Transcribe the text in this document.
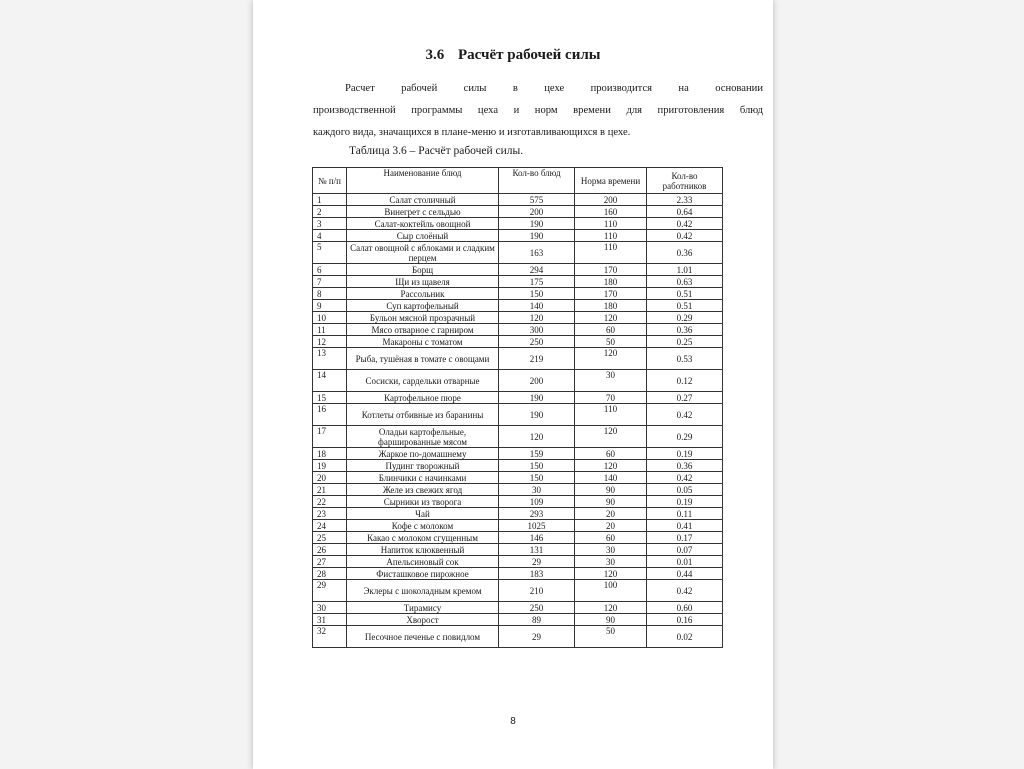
3.6 Расчёт рабочей силы
Расчет рабочей силы в цехе производится на основании
производственной программы цеха и норм времени для приготовления блюд
каждого вида, значащихся в плане-меню и изготавливающихся в цехе.
Таблица 3.6 – Расчёт рабочей силы.
№ п/п	Наименование блюд	Кол-во блюд	Норма времени	Кол-во работников
1	Салат столичный	575	200	2.33
2	Винегрет с сельдью	200	160	0.64
3	Салат-коктейль овощной	190	110	0.42
4	Сыр слоёный	190	110	0.42
5	Салат овощной с яблоками и сладким перцем	163	110	0.36
6	Борщ	294	170	1.01
7	Щи из щавеля	175	180	0.63
8	Рассольник	150	170	0.51
9	Суп картофельный	140	180	0.51
10	Бульон мясной прозрачный	120	120	0.29
11	Мясо отварное с гарниром	300	60	0.36
12	Макароны с томатом	250	50	0.25
13	Рыба, тушёная в томате с овощами	219	120	0.53
14	Сосиски, сардельки отварные	200	30	0.12
15	Картофельное пюре	190	70	0.27
16	Котлеты отбивные из баранины	190	110	0.42
17	Оладьи картофельные, фаршированные мясом	120	120	0.29
18	Жаркое по-домашнему	159	60	0.19
19	Пудинг творожный	150	120	0.36
20	Блинчики с начинками	150	140	0.42
21	Желе из свежих ягод	30	90	0.05
22	Сырники из творога	109	90	0.19
23	Чай	293	20	0.11
24	Кофе с молоком	1025	20	0.41
25	Какао с молоком сгущенным	146	60	0.17
26	Напиток клюквенный	131	30	0.07
27	Апельсиновый сок	29	30	0.01
28	Фисташковое пирожное	183	120	0.44
29	Эклеры с шоколадным кремом	210	100	0.42
30	Тирамису	250	120	0.60
31	Хворост	89	90	0.16
32	Песочное печенье с повидлом	29	50	0.02
8
